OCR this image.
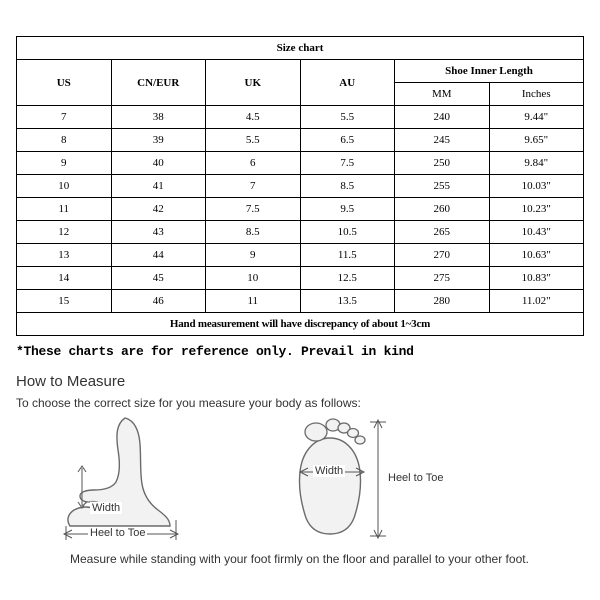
Size chart					
US	CN/EUR	UK	AU	Shoe Inner Length	
				MM	Inches
7	38	4.5	5.5	240	9.44"
8	39	5.5	6.5	245	9.65"
9	40	6	7.5	250	9.84"
10	41	7	8.5	255	10.03"
11	42	7.5	9.5	260	10.23"
12	43	8.5	10.5	265	10.43"
13	44	9	11.5	270	10.63"
14	45	10	12.5	275	10.83"
15	46	11	13.5	280	11.02"
Hand measurement will have discrepancy of about 1~3cm					
*These charts are for reference only. Prevail in kind
How to Measure
To choose the correct size for you measure your body as follows:
Width
Heel to Toe
Width
Heel to Toe
Measure while standing with your foot firmly on the floor and parallel to your other foot.
